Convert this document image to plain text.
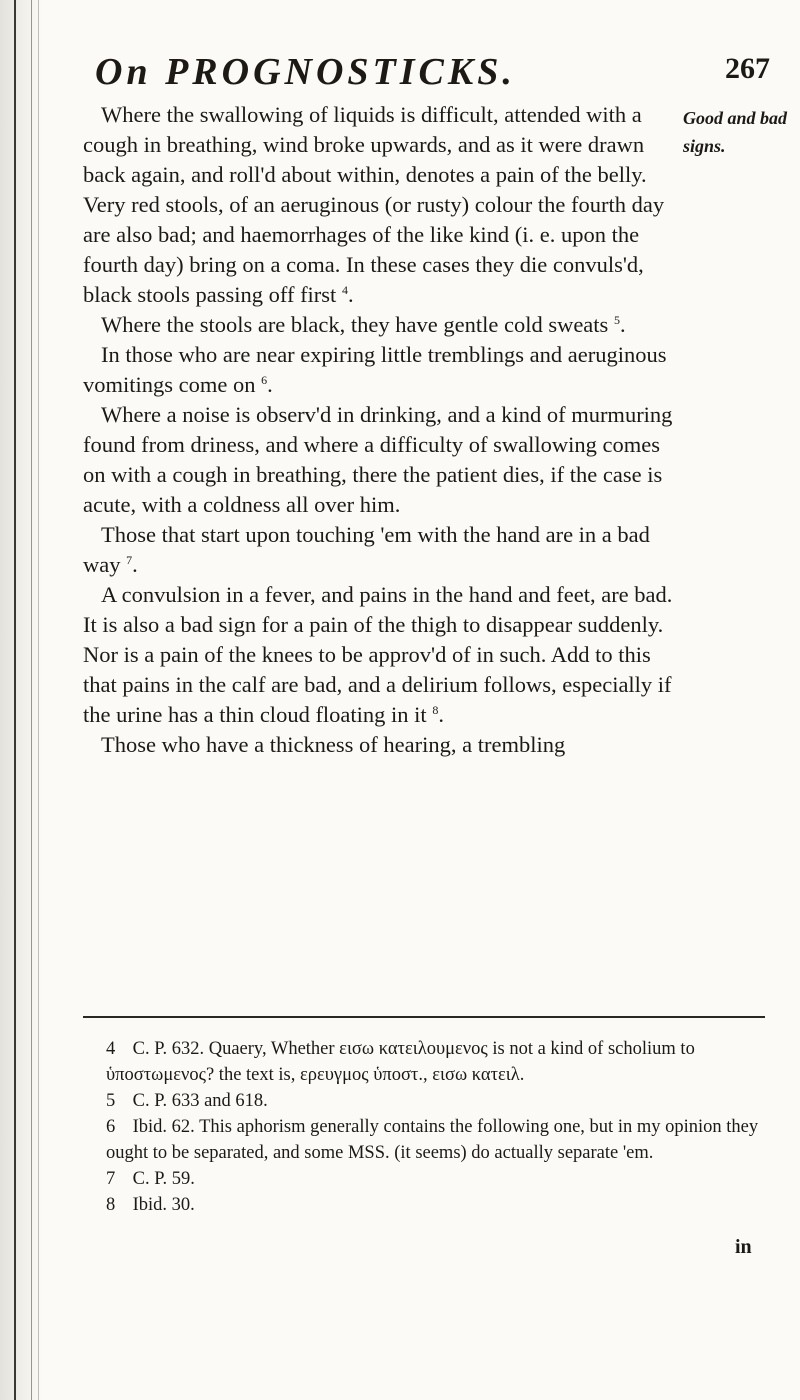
On PROGNOSTICKS.	267
Good and bad signs.

Where the swallowing of liquids is difficult, attended with a cough in breathing, wind broke upwards, and as it were drawn back again, and roll'd about within, denotes a pain of the belly. Very red stools, of an aeruginous (or rusty) colour the fourth day are also bad; and haemorrhages of the like kind (i. e. upon the fourth day) bring on a coma. In these cases they die convuls'd, black stools passing off first $^4$.

Where the stools are black, they have gentle cold sweats $^5$.

In those who are near expiring little tremblings and aeruginous vomitings come on $^6$.

Where a noise is observ'd in drinking, and a kind of murmuring found from driness, and where a difficulty of swallowing comes on with a cough in breathing, there the patient dies, if the case is acute, with a coldness all over him.

Those that start upon touching 'em with the hand are in a bad way $^7$.

A convulsion in a fever, and pains in the hand and feet, are bad. It is also a bad sign for a pain of the thigh to disappear suddenly. Nor is a pain of the knees to be approv'd of in such. Add to this that pains in the calf are bad, and a delirium follows, especially if the urine has a thin cloud floating in it $^8$.

Those who have a thickness of hearing, a trembling

4 C. P. 632. Quaery, Whether εισω κατειλουμενος is not a kind of scholium to ὑποστωμενος? the text is, ερευγμος ὑποστ., εισω κατειλ.

5 C. P. 633 and 618.

6 Ibid. 62. This aphorism generally contains the following one, but in my opinion they ought to be separated, and some MSS. (it seems) do actually separate 'em.

7 C. P. 59.

8 Ibid. 30.

in
